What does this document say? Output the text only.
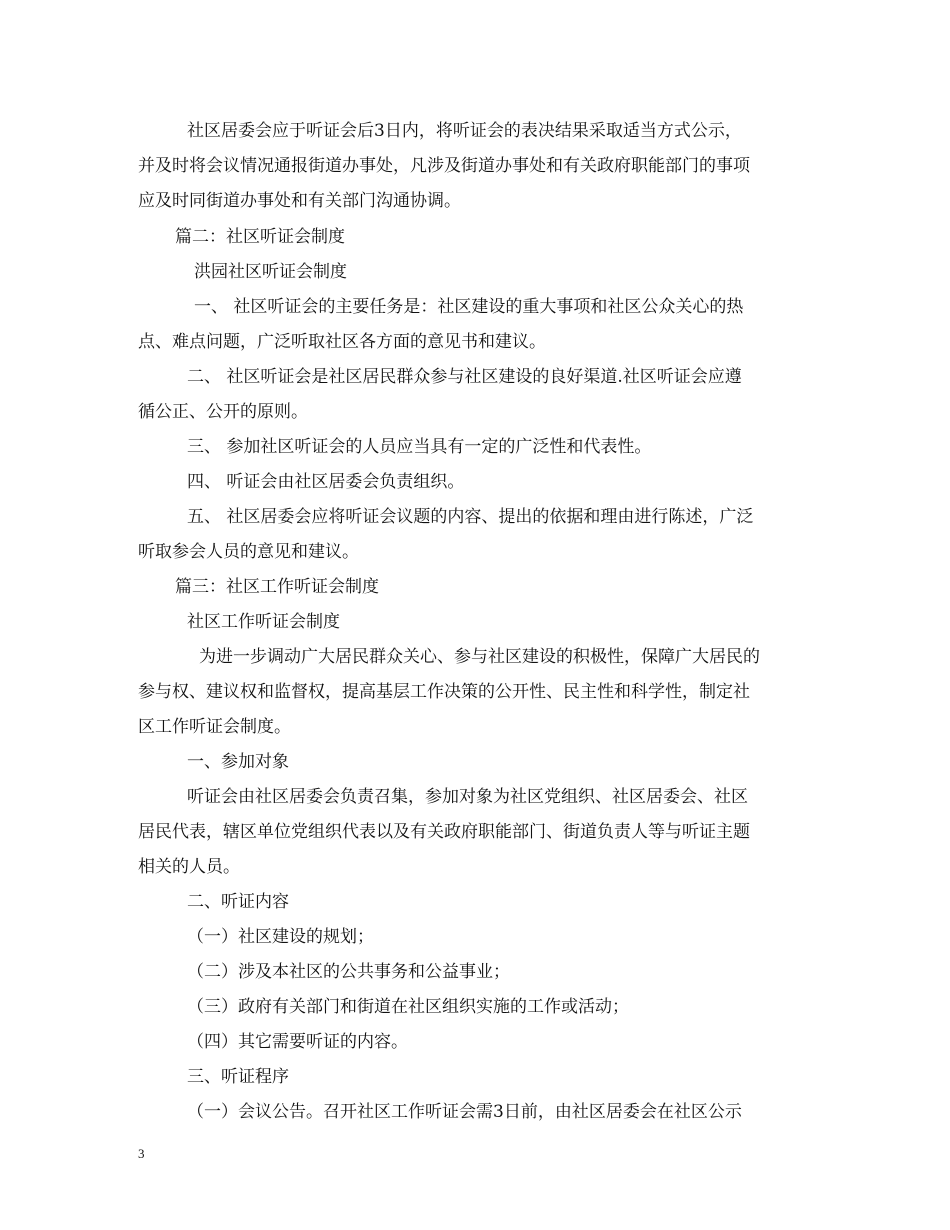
社区居委会应于听证会后3日内，将听证会的表决结果采取适当方式公示，
并及时将会议情况通报街道办事处，凡涉及街道办事处和有关政府职能部门的事项
应及时同街道办事处和有关部门沟通协调。
篇二：社区听证会制度
洪园社区听证会制度
一、 社区听证会的主要任务是：社区建设的重大事项和社区公众关心的热
点、难点问题，广泛听取社区各方面的意见书和建议。
二、 社区听证会是社区居民群众参与社区建设的良好渠道.社区听证会应遵
循公正、公开的原则。
三、 参加社区听证会的人员应当具有一定的广泛性和代表性。
四、 听证会由社区居委会负责组织。
五、 社区居委会应将听证会议题的内容、提出的依据和理由进行陈述，广泛
听取参会人员的意见和建议。
篇三：社区工作听证会制度
社区工作听证会制度
为进一步调动广大居民群众关心、参与社区建设的积极性，保障广大居民的
参与权、建议权和监督权，提高基层工作决策的公开性、民主性和科学性，制定社
区工作听证会制度。
一、参加对象
听证会由社区居委会负责召集，参加对象为社区党组织、社区居委会、社区
居民代表，辖区单位党组织代表以及有关政府职能部门、街道负责人等与听证主题
相关的人员。
二、听证内容
（一）社区建设的规划；
（二）涉及本社区的公共事务和公益事业；
（三）政府有关部门和街道在社区组织实施的工作或活动；
（四）其它需要听证的内容。
三、听证程序
（一）会议公告。召开社区工作听证会需3日前，由社区居委会在社区公示
3
